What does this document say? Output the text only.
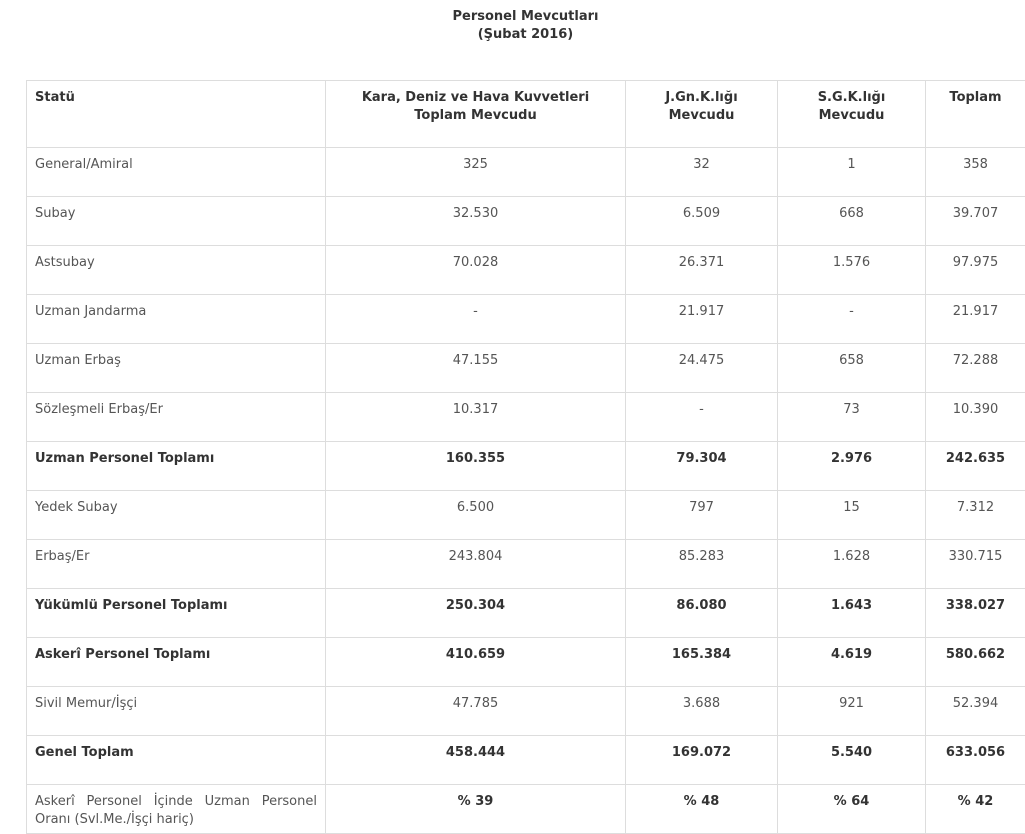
Personel Mevcutları
(Şubat 2016)
Statü	Kara, Deniz ve Hava Kuvvetleri Toplam Mevcudu	J.Gn.K.lığı Mevcudu	S.G.K.lığı Mevcudu	Toplam
General/Amiral	325	32	1	358
Subay	32.530	6.509	668	39.707
Astsubay	70.028	26.371	1.576	97.975
Uzman Jandarma	-	21.917	-	21.917
Uzman Erbaş	47.155	24.475	658	72.288
Sözleşmeli Erbaş/Er	10.317	-	73	10.390
Uzman Personel Toplamı	160.355	79.304	2.976	242.635
Yedek Subay	6.500	797	15	7.312
Erbaş/Er	243.804	85.283	1.628	330.715
Yükümlü Personel Toplamı	250.304	86.080	1.643	338.027
Askerî Personel Toplamı	410.659	165.384	4.619	580.662
Sivil Memur/İşçi	47.785	3.688	921	52.394
Genel Toplam	458.444	169.072	5.540	633.056
Askerî Personel İçinde Uzman Personel Oranı (Svl.Me./İşçi hariç)	% 39	% 48	% 64	% 42
